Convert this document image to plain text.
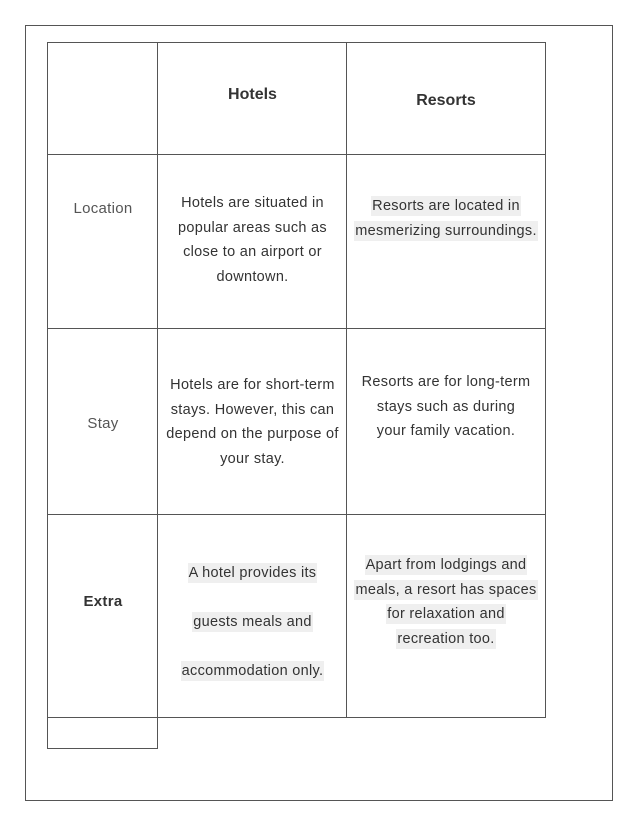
Hotels	Resorts
Location	Hotels are situated in popular areas such as close to an airport or downtown.
Resorts are located in mesmerizing surroundings.
Stay
Hotels are for short-term stays. However, this can depend on the purpose of your stay.
Resorts are for long-term stays such as during your family vacation.
Extra
A hotel provides its guests meals and accommodation only.
Apart from lodgings and meals, a resort has spaces for relaxation and recreation too.
